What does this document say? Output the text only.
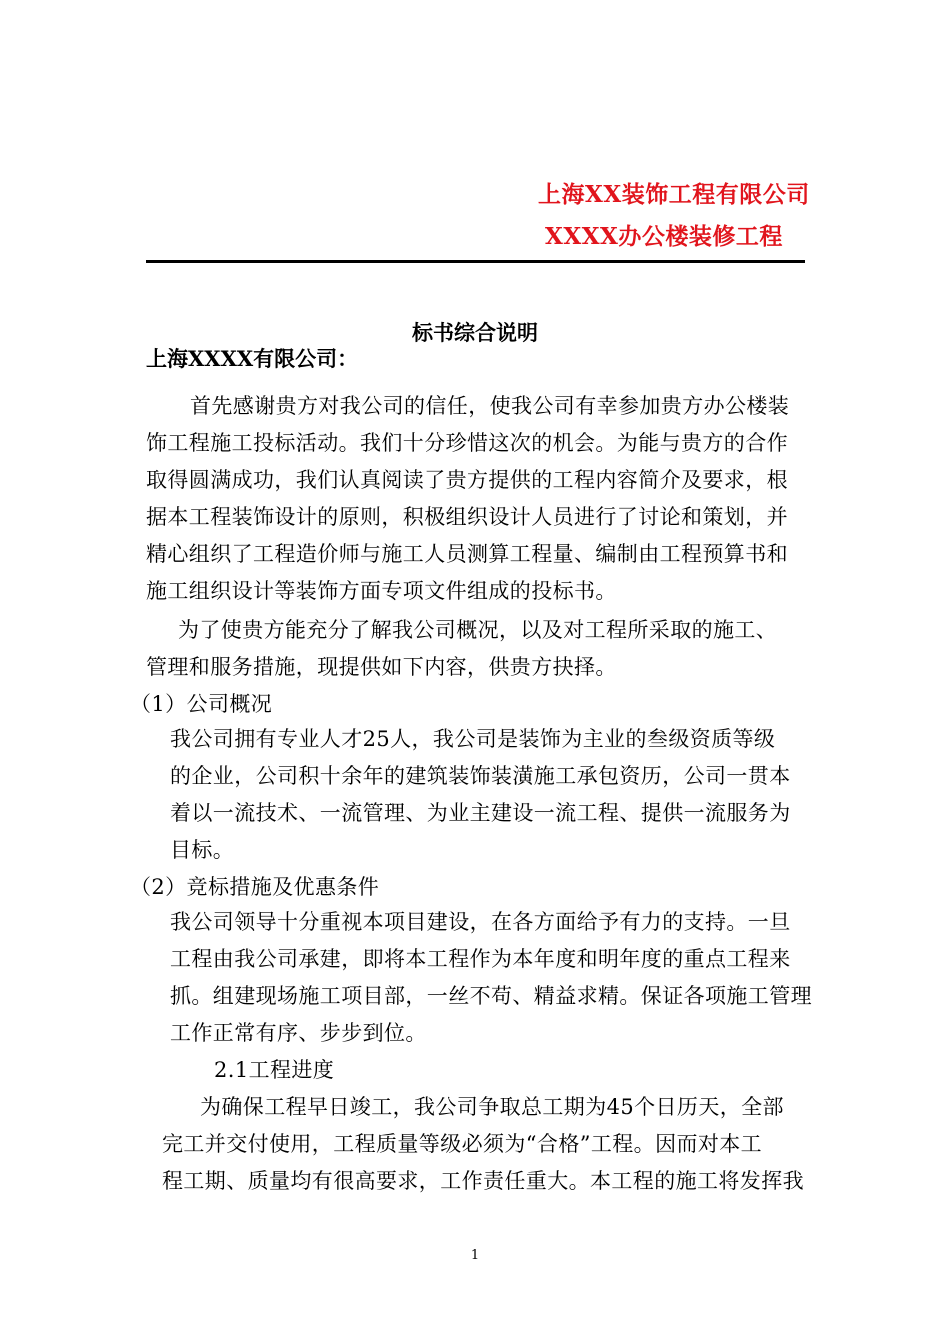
上海XX装饰工程有限公司
XXXX办公楼装修工程
标书综合说明
上海XXXX有限公司：
首先感谢贵方对我公司的信任，使我公司有幸参加贵方办公楼装
饰工程施工投标活动。我们十分珍惜这次的机会。为能与贵方的合作
取得圆满成功，我们认真阅读了贵方提供的工程内容简介及要求，根
据本工程装饰设计的原则，积极组织设计人员进行了讨论和策划，并
精心组织了工程造价师与施工人员测算工程量、编制由工程预算书和
施工组织设计等装饰方面专项文件组成的投标书。
为了使贵方能充分了解我公司概况，以及对工程所采取的施工、
管理和服务措施，现提供如下内容，供贵方抉择。
（1）公司概况
我公司拥有专业人才25人，我公司是装饰为主业的叁级资质等级
的企业，公司积十余年的建筑装饰装潢施工承包资历，公司一贯本
着以一流技术、一流管理、为业主建设一流工程、提供一流服务为
目标。
（2）竞标措施及优惠条件
我公司领导十分重视本项目建设，在各方面给予有力的支持。一旦
工程由我公司承建，即将本工程作为本年度和明年度的重点工程来
抓。组建现场施工项目部，一丝不苟、精益求精。保证各项施工管理
工作正常有序、步步到位。
2.1工程进度
为确保工程早日竣工，我公司争取总工期为45个日历天，全部
完工并交付使用，工程质量等级必须为“合格”工程。因而对本工
程工期、质量均有很高要求，工作责任重大。本工程的施工将发挥我
1
